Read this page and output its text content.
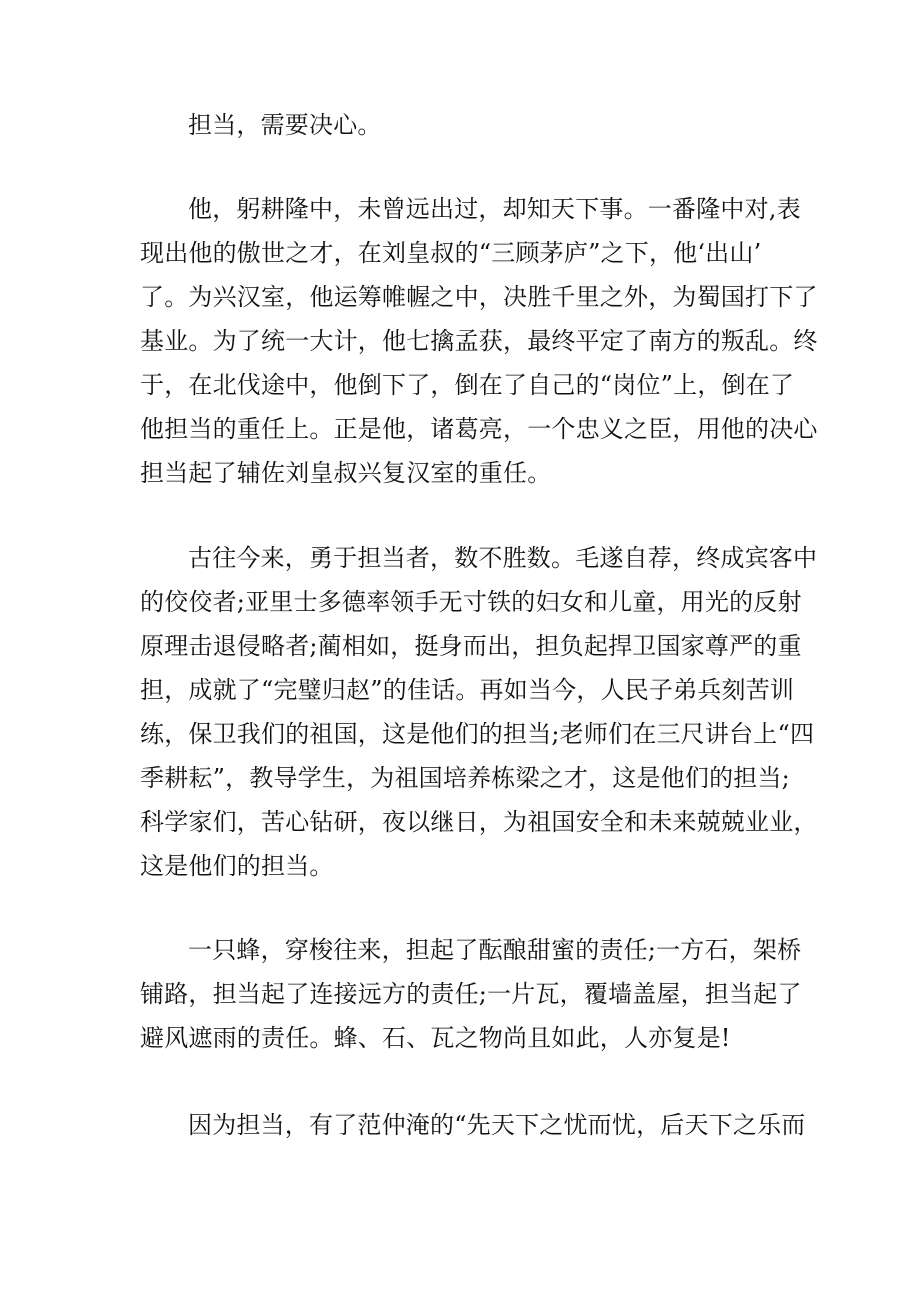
担当，需要决心。
他，躬耕隆中，未曾远出过，却知天下事。一番隆中对,表
现出他的傲世之才，在刘皇叔的“三顾茅庐”之下，他‘出山’
了。为兴汉室，他运筹帷幄之中，决胜千里之外，为蜀国打下了
基业。为了统一大计，他七擒孟获，最终平定了南方的叛乱。终
于，在北伐途中，他倒下了，倒在了自己的“岗位”上，倒在了
他担当的重任上。正是他，诸葛亮，一个忠义之臣，用他的决心
担当起了辅佐刘皇叔兴复汉室的重任。
古往今来，勇于担当者，数不胜数。毛遂自荐，终成宾客中
的佼佼者;亚里士多德率领手无寸铁的妇女和儿童，用光的反射
原理击退侵略者;蔺相如，挺身而出，担负起捍卫国家尊严的重
担，成就了“完璧归赵”的佳话。再如当今，人民子弟兵刻苦训
练，保卫我们的祖国，这是他们的担当;老师们在三尺讲台上“四
季耕耘”，教导学生，为祖国培养栋梁之才，这是他们的担当;
科学家们，苦心钻研，夜以继日，为祖国安全和未来兢兢业业，
这是他们的担当。
一只蜂，穿梭往来，担起了酝酿甜蜜的责任;一方石，架桥
铺路，担当起了连接远方的责任;一片瓦，覆墙盖屋，担当起了
避风遮雨的责任。蜂、石、瓦之物尚且如此，人亦复是!
因为担当，有了范仲淹的“先天下之忧而忧，后天下之乐而
